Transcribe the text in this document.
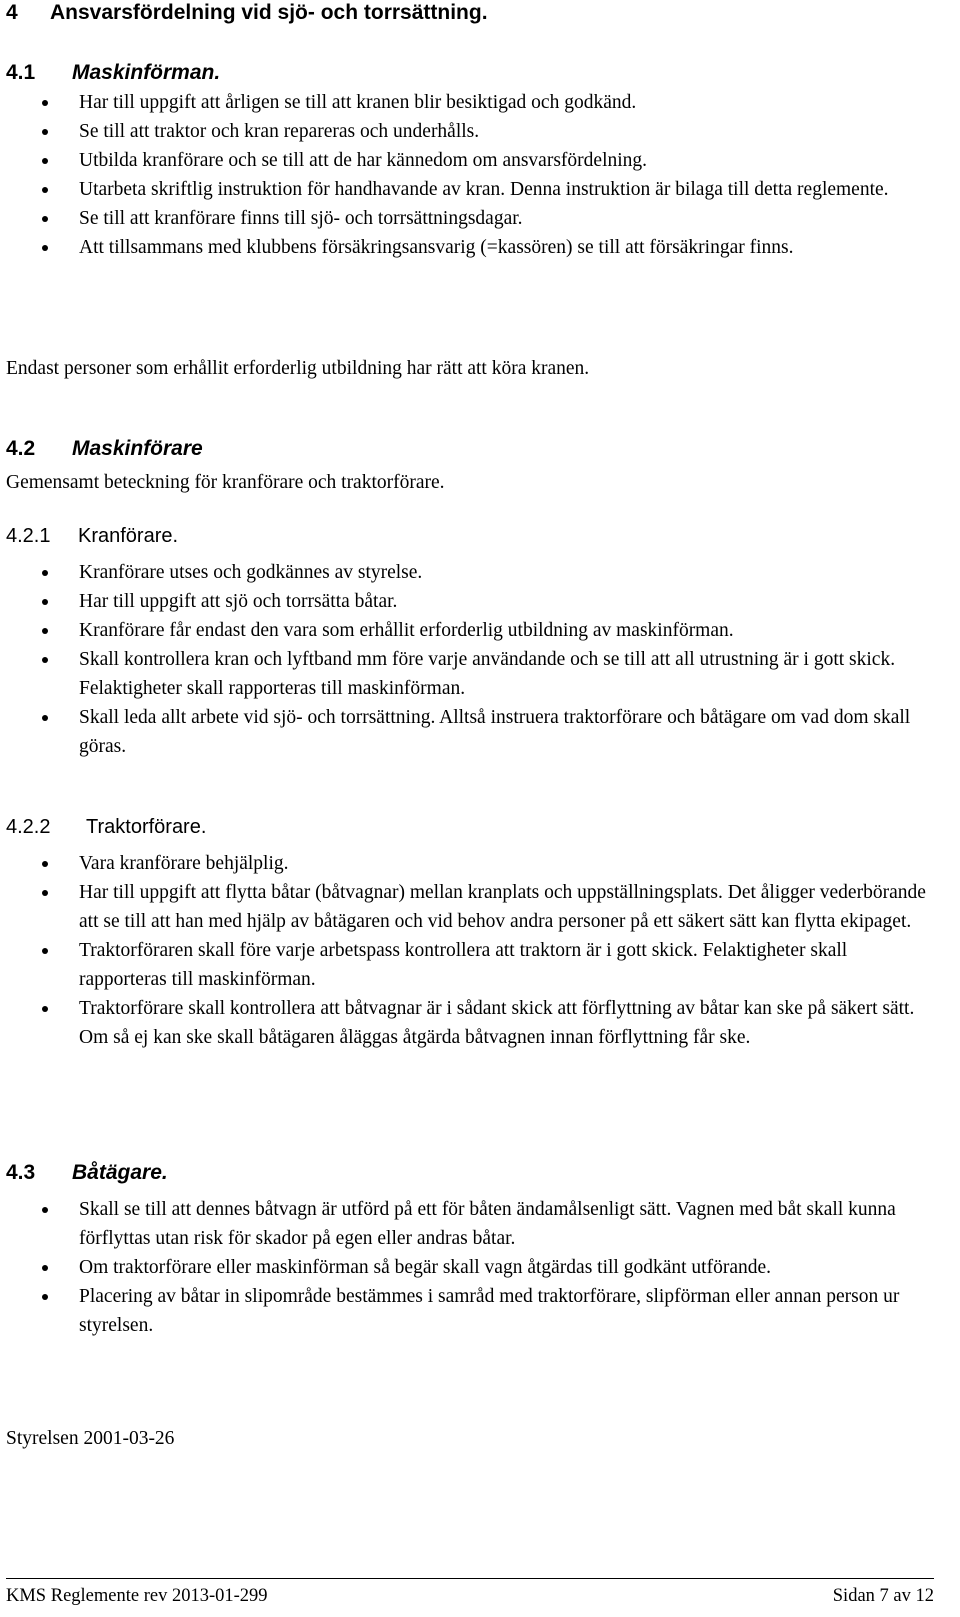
4 Ansvarsfördelning vid sjö- och torrsättning.
4.1 Maskinförman.
Har till uppgift att årligen se till att kranen blir besiktigad och godkänd.
Se till att traktor och kran repareras och underhålls.
Utbilda kranförare och se till att de har kännedom om ansvarsfördelning.
Utarbeta skriftlig instruktion för handhavande av kran. Denna instruktion är bilaga till detta reglemente.
Se till att kranförare finns till sjö- och torrsättningsdagar.
Att tillsammans med klubbens försäkringsansvarig (=kassören) se till att försäkringar finns.
Endast personer som erhållit erforderlig utbildning har rätt att köra kranen.
4.2 Maskinförare
Gemensamt beteckning för kranförare och traktorförare.
4.2.1 Kranförare.
Kranförare utses och godkännes av styrelse.
Har till uppgift att sjö och torrsätta båtar.
Kranförare får endast den vara som erhållit erforderlig utbildning av maskinförman.
Skall kontrollera kran och lyftband mm före varje användande och se till att all utrustning är i gott skick. Felaktigheter skall rapporteras till maskinförman.
Skall leda allt arbete vid sjö- och torrsättning. Alltså instruera traktorförare och båtägare om vad dom skall göras.
4.2.2 Traktorförare.
Vara kranförare behjälplig.
Har till uppgift att flytta båtar (båtvagnar) mellan kranplats och uppställningsplats. Det åligger vederbörande att se till att han med hjälp av båtägaren och vid behov andra personer på ett säkert sätt kan flytta ekipaget.
Traktorföraren skall före varje arbetspass kontrollera att traktorn är i gott skick. Felaktigheter skall rapporteras till maskinförman.
Traktorförare skall kontrollera att båtvagnar är i sådant skick att förflyttning av båtar kan ske på säkert sätt. Om så ej kan ske skall båtägaren åläggas åtgärda båtvagnen innan förflyttning får ske.
4.3 Båtägare.
Skall se till att dennes båtvagn är utförd på ett för båten ändamålsenligt sätt. Vagnen med båt skall kunna förflyttas utan risk för skador på egen eller andras båtar.
Om traktorförare eller maskinförman så begär skall vagn åtgärdas till godkänt utförande.
Placering av båtar in slipområde bestämmes i samråd med traktorförare, slipförman eller annan person ur styrelsen.
Styrelsen 2001-03-26
KMS Reglemente rev 2013-01-299	Sidan 7 av 12
